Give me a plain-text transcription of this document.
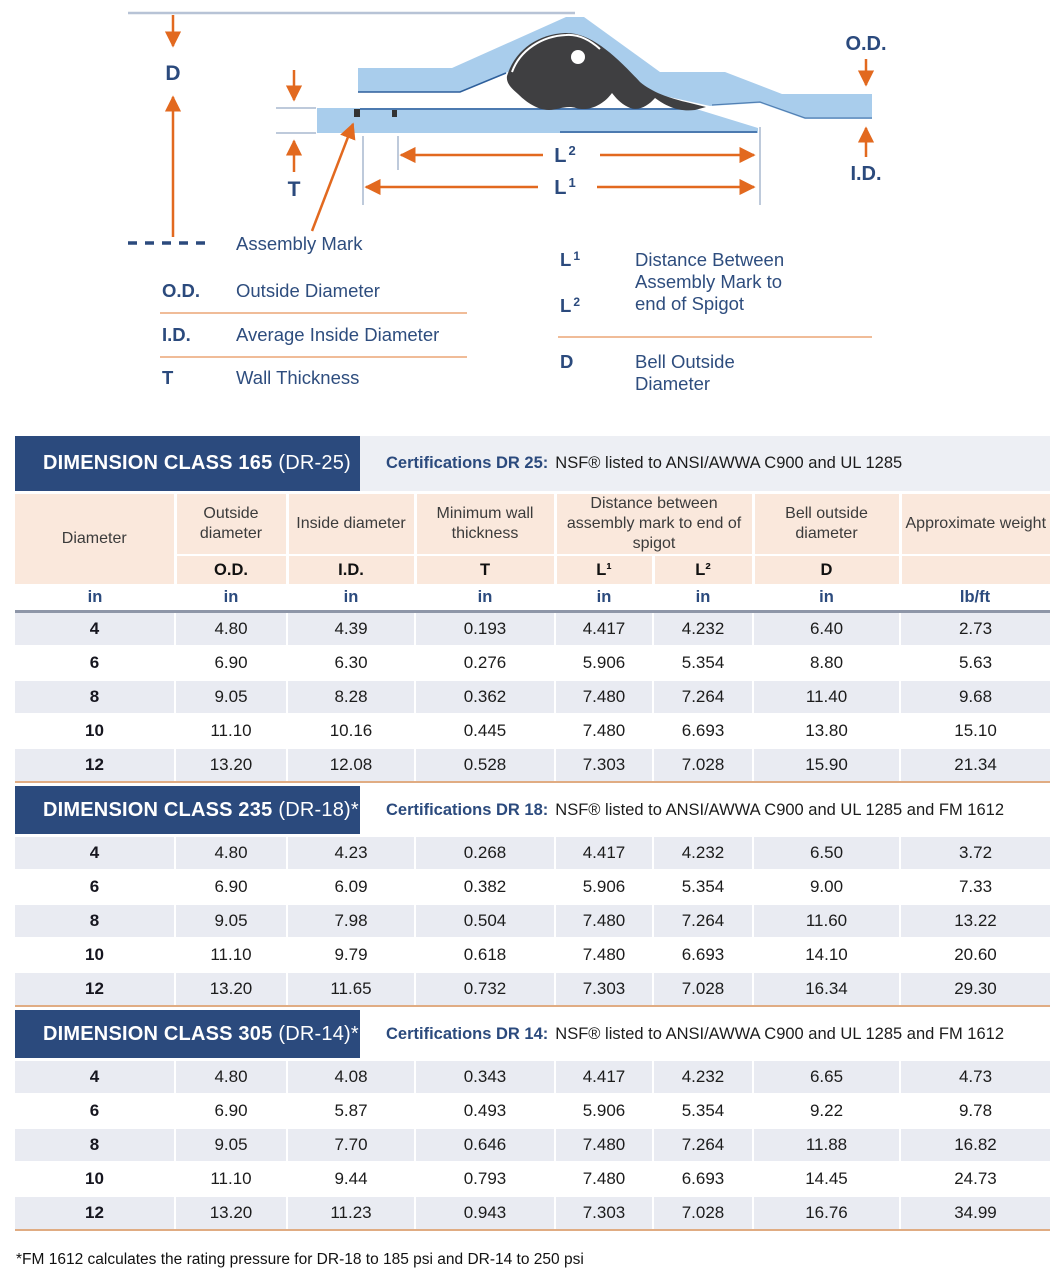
D
T
L $^2$
L $^1$
O.D.
I.D.
Assembly Mark
O.D. Outside Diameter
I.D. Average Inside Diameter
T	Wall Thickness
L $^1$	Distance Between
Assembly Mark to
end of Spigot
L $^2$
D	Bell Outside
Diameter
DIMENSION CLASS 165 (DR-25) Certifications DR 25: NSF® listed to ANSI/AWWA C900 and UL 1285
Diameter	Outside diameter	Inside diameter	Minimum wall thickness	Distance between assembly mark to end of spigot		Bell outside diameter	Approximate weight
	O.D.	I.D.	T	L¹	L²	D	
in	in	in	in	in	in	in	lb/ft
4	4.80	4.39	0.193	4.417	4.232	6.40	2.73
6	6.90	6.30	0.276	5.906	5.354	8.80	5.63
8	9.05	8.28	0.362	7.480	7.264	11.40	9.68
10	11.10	10.16	0.445	7.480	6.693	13.80	15.10
12	13.20	12.08	0.528	7.303	7.028	15.90	21.34
DIMENSION CLASS 235 (DR-18)* Certifications DR 18: NSF® listed to ANSI/AWWA C900 and UL 1285 and FM 1612
4	4.80	4.23	0.268	4.417	4.232	6.50	3.72
6	6.90	6.09	0.382	5.906	5.354	9.00	7.33
8	9.05	7.98	0.504	7.480	7.264	11.60	13.22
10	11.10	9.79	0.618	7.480	6.693	14.10	20.60
12	13.20	11.65	0.732	7.303	7.028	16.34	29.30
DIMENSION CLASS 305 (DR-14)* Certifications DR 14: NSF® listed to ANSI/AWWA C900 and UL 1285 and FM 1612
4	4.80	4.08	0.343	4.417	4.232	6.65	4.73
6	6.90	5.87	0.493	5.906	5.354	9.22	9.78
8	9.05	7.70	0.646	7.480	7.264	11.88	16.82
10	11.10	9.44	0.793	7.480	6.693	14.45	24.73
12	13.20	11.23	0.943	7.303	7.028	16.76	34.99
*FM 1612 calculates the rating pressure for DR-18 to 185 psi and DR-14 to 250 psi
